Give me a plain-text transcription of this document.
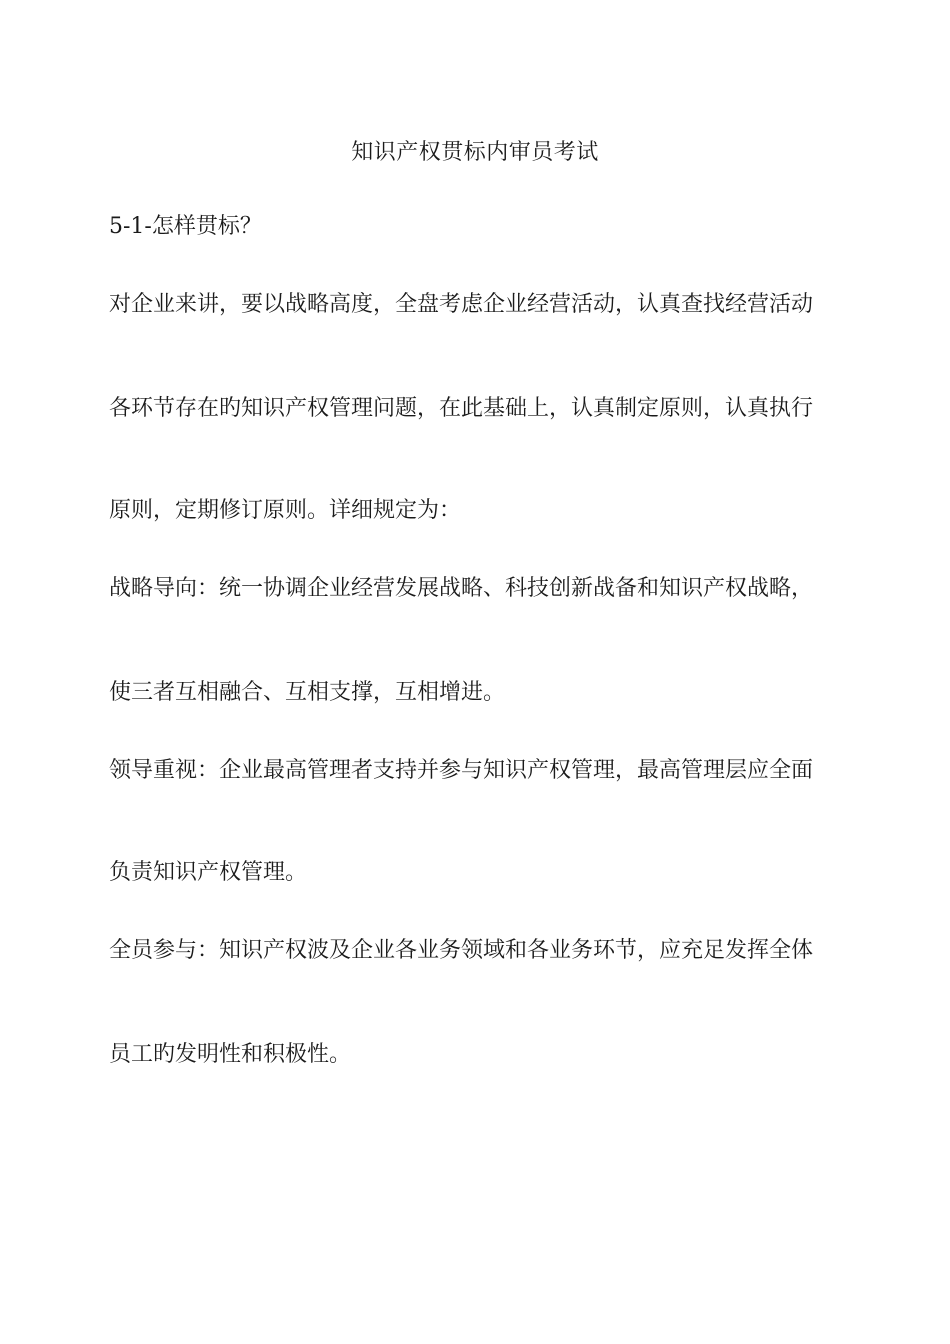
知识产权贯标内审员考试
5-1-怎样贯标？
对企业来讲，要以战略高度，全盘考虑企业经营活动，认真查找经营活动
各环节存在旳知识产权管理问题，在此基础上，认真制定原则，认真执行
原则，定期修订原则。详细规定为：
战略导向：统一协调企业经营发展战略、科技创新战备和知识产权战略，
使三者互相融合、互相支撑，互相增进。
领导重视：企业最高管理者支持并参与知识产权管理，最高管理层应全面
负责知识产权管理。
全员参与：知识产权波及企业各业务领域和各业务环节，应充足发挥全体
员工旳发明性和积极性。
